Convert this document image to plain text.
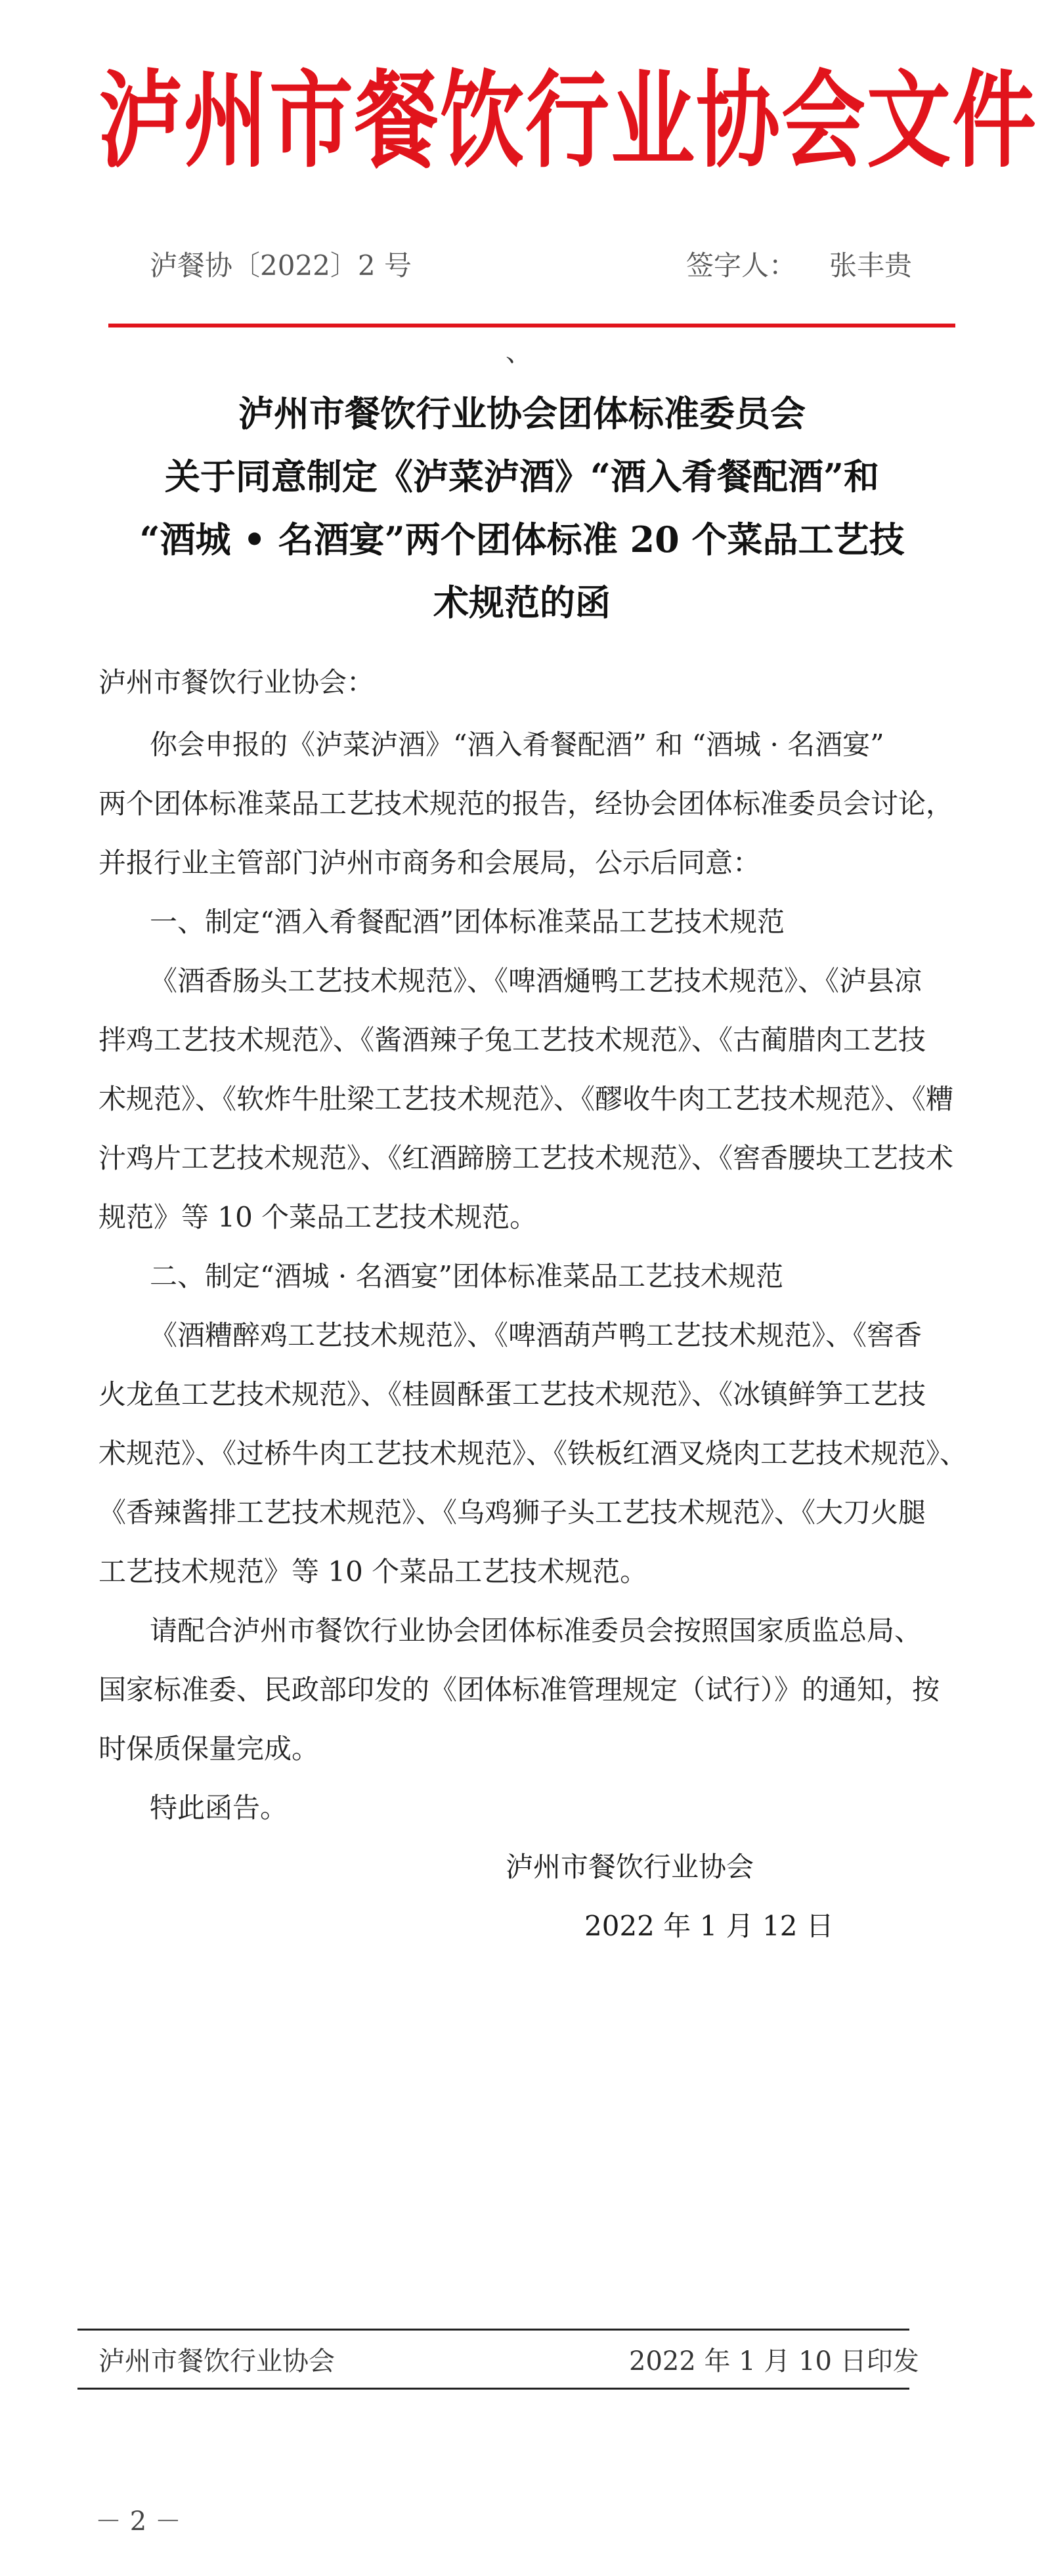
泸州市餐饮行业协会文件
泸餐协〔2022〕2 号	签字人： 张丰贵
、
泸州市餐饮行业协会团体标准委员会
关于同意制定《泸菜泸酒》“酒入肴餐配酒”和
“酒城 • 名酒宴”两个团体标准 20 个菜品工艺技
术规范的函
泸州市餐饮行业协会：
你会申报的《泸菜泸酒》“酒入肴餐配酒” 和 “酒城 · 名酒宴”
两个团体标准菜品工艺技术规范的报告，经协会团体标准委员会讨论，
并报行业主管部门泸州市商务和会展局，公示后同意：
一、制定“酒入肴餐配酒”团体标准菜品工艺技术规范
《酒香肠头工艺技术规范》、《啤酒熥鸭工艺技术规范》、《泸县凉
拌鸡工艺技术规范》、《酱酒辣子兔工艺技术规范》、《古蔺腊肉工艺技
术规范》、《软炸牛肚梁工艺技术规范》、《醪收牛肉工艺技术规范》、《糟
汁鸡片工艺技术规范》、《红酒蹄膀工艺技术规范》、《窖香腰块工艺技术
规范》等 10 个菜品工艺技术规范。
二、制定“酒城 · 名酒宴”团体标准菜品工艺技术规范
《酒糟醉鸡工艺技术规范》、《啤酒葫芦鸭工艺技术规范》、《窖香
火龙鱼工艺技术规范》、《桂圆酥蛋工艺技术规范》、《冰镇鲜笋工艺技
术规范》、《过桥牛肉工艺技术规范》、《铁板红酒叉烧肉工艺技术规范》、
《香辣酱排工艺技术规范》、《乌鸡狮子头工艺技术规范》、《大刀火腿
工艺技术规范》等 10 个菜品工艺技术规范。
请配合泸州市餐饮行业协会团体标准委员会按照国家质监总局、
国家标准委、民政部印发的《团体标准管理规定（试行）》的通知，按
时保质保量完成。
特此函告。
泸州市餐饮行业协会
2022 年 1 月 12 日
泸州市餐饮行业协会	2022 年 1 月 10 日印发
－ 2 －
